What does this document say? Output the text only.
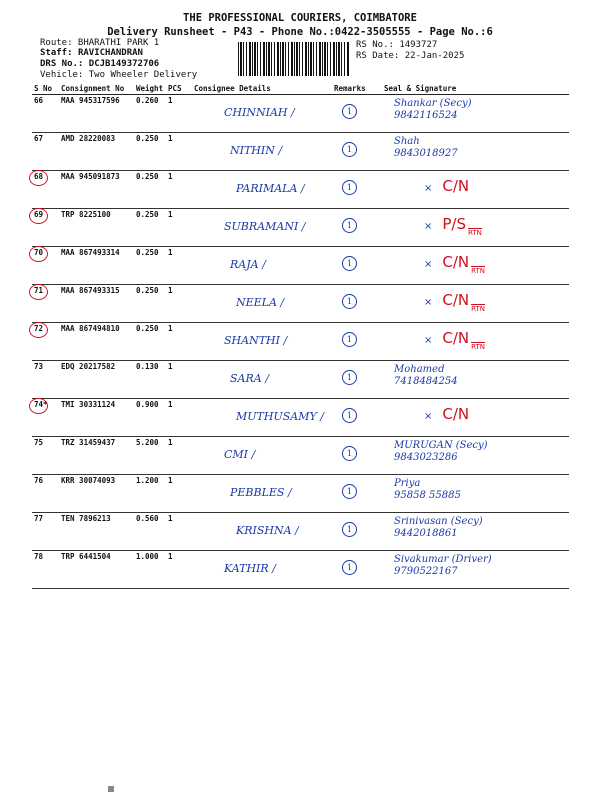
THE PROFESSIONAL COURIERS, COIMBATORE
Delivery Runsheet - P43 - Phone No.:0422-3505555 - Page No.:6
Route: BHARATHI PARK 1
Staff: RAVICHANDRAN
DRS No.: DCJB149372706
Vehicle: Two Wheeler Delivery
RS No.: 1493727
RS Date: 22-Jan-2025
S No	Consignment No	Weight	PCS	Consignee Details	Remarks	Seal & Signature
66	MAA 945317596	0.260	1	CHINNIAH /	1	Shankar (Secy)
9842116524

67	AMD 28220083	0.250	1	NITHIN /	1	Shah
9843018927

68	MAA 945091873	0.250	1	PARIMALA /	1	× C/N

69	TRP 8225100	0.250	1	SUBRAMANI /	1	× P/S $_{RTN}$

70	MAA 867493314	0.250	1	RAJA /	1	× C/N $_{RTN}$

71	MAA 867493315	0.250	1	NEELA /	1	× C/N $_{RTN}$

72	MAA 867494810	0.250	1	SHANTHI /	1	× C/N $_{RTN}$

73	EDQ 20217582	0.130	1	SARA /	1	Mohamed
7418484254

74*	TMI 30331124	0.900	1	MUTHUSAMY /	1	× C/N

75	TRZ 31459437	5.200	1	CMI /	1	MURUGAN (Secy)
9843023286

76	KRR 30074093	1.200	1	PEBBLES /	1	Priya
95858 55885

77	TEN 7896213	0.560	1	KRISHNA /	1	Srinivasan (Secy)
9442018861

78	TRP 6441504	1.000	1	KATHIR /	1	Sivakumar (Driver)
9790522167
